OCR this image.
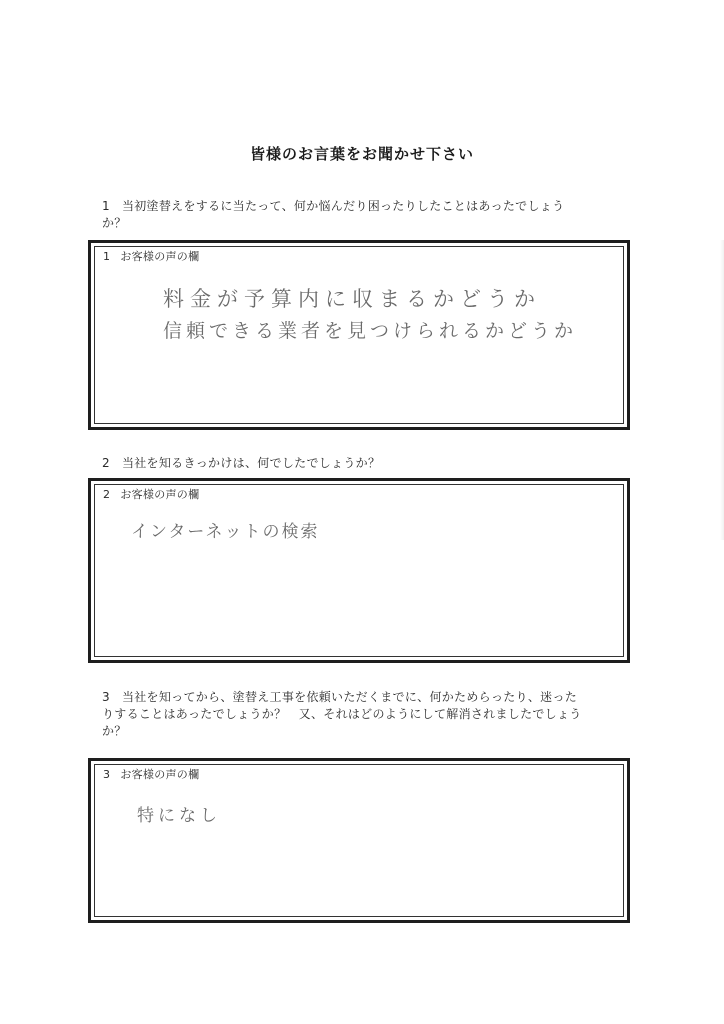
皆様のお言葉をお聞かせ下さい
1 当初塗替えをするに当たって、何か悩んだり困ったりしたことはあったでしょう
か？
1 お客様の声の欄
料金が予算内に収まるかどうか
信頼できる業者を見つけられるかどうか
2 当社を知るきっかけは、何でしたでしょうか？
2 お客様の声の欄
インターネットの検索
3 当社を知ってから、塗替え工事を依頼いただくまでに、何かためらったり、迷った
りすることはあったでしょうか？　又、それはどのようにして解消されましたでしょう
か？
3 お客様の声の欄
特になし
